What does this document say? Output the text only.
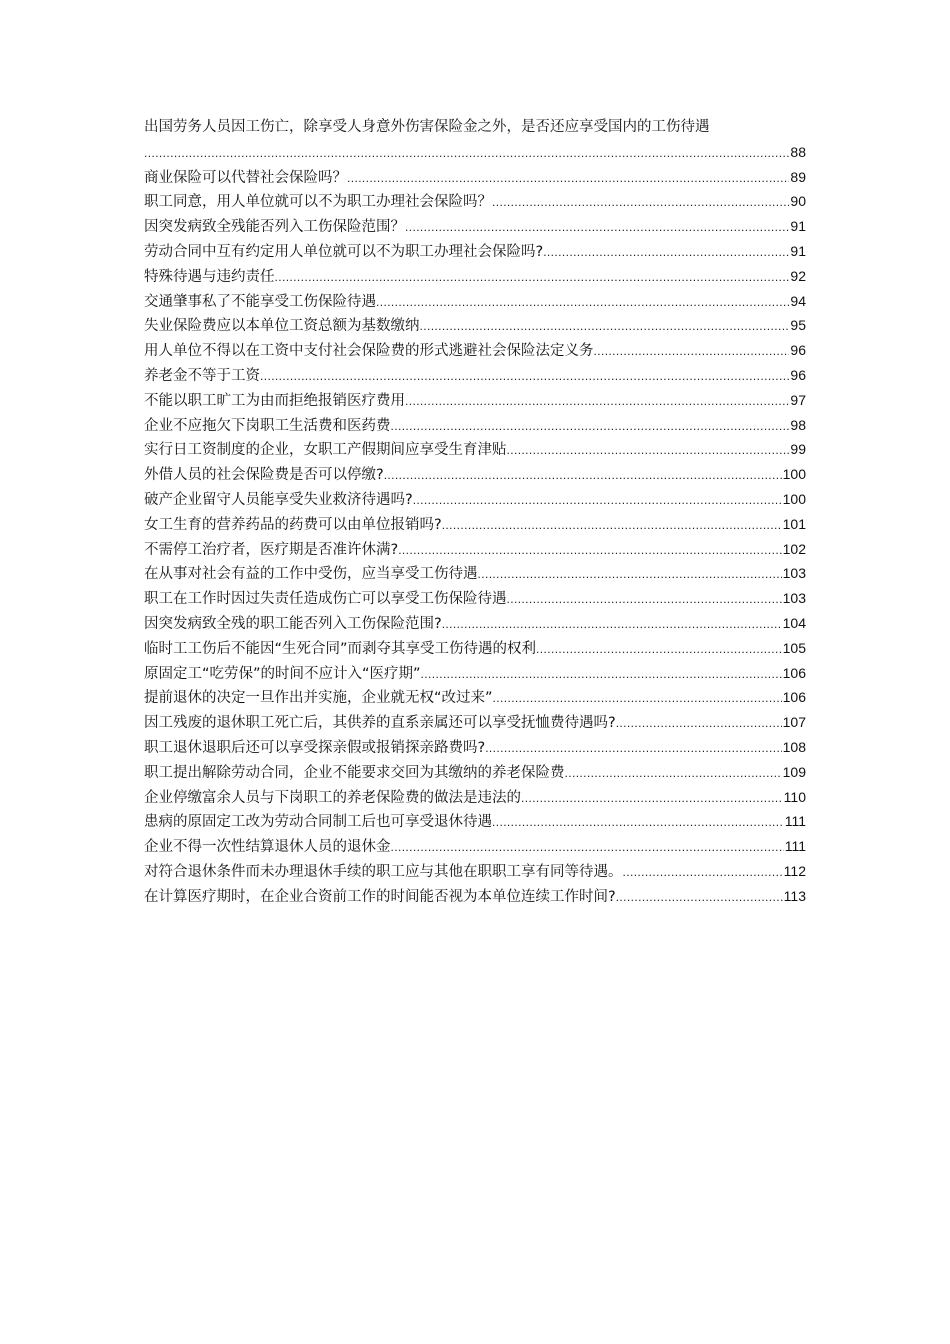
出国劳务人员因工伤亡，除享受人身意外伤害保险金之外，是否还应享受国内的工伤待遇
.....
88
商业保险可以代替社会保险吗？ .....	89
职工同意，用人单位就可以不为职工办理社会保险吗？ .....	90
因突发病致全残能否列入工伤保险范围？ .....	91
劳动合同中互有约定用人单位就可以不为职工办理社会保险吗? .....	91
特殊待遇与违约责任 .....	92
交通肇事私了不能享受工伤保险待遇 .....	94
失业保险费应以本单位工资总额为基数缴纳 .....	95
用人单位不得以在工资中支付社会保险费的形式逃避社会保险法定义务 .....	96
养老金不等于工资 .....	96
不能以职工旷工为由而拒绝报销医疗费用 .....	97
企业不应拖欠下岗职工生活费和医药费 .....	98
实行日工资制度的企业，女职工产假期间应享受生育津贴 .....	99
外借人员的社会保险费是否可以停缴? .....	100
破产企业留守人员能享受失业救济待遇吗? .....	100
女工生育的营养药品的药费可以由单位报销吗? .....	101
不需停工治疗者，医疗期是否准许休满? .....	102
在从事对社会有益的工作中受伤，应当享受工伤待遇 .....	103
职工在工作时因过失责任造成伤亡可以享受工伤保险待遇 .....	103
因突发病致全残的职工能否列入工伤保险范围? .....	104
临时工工伤后不能因“生死合同”而剥夺其享受工伤待遇的权利 .....	105
原固定工“吃劳保”的时间不应计入“医疗期” .....	106
提前退休的决定一旦作出并实施，企业就无权“改过来” .....	106
因工残废的退休职工死亡后，其供养的直系亲属还可以享受抚恤费待遇吗? .....	107
职工退休退职后还可以享受探亲假或报销探亲路费吗? .....	108
职工提出解除劳动合同，企业不能要求交回为其缴纳的养老保险费 .....	109
企业停缴富余人员与下岗职工的养老保险费的做法是违法的 .....	110
患病的原固定工改为劳动合同制工后也可享受退休待遇 .....	111
企业不得一次性结算退休人员的退休金 .....	111
对符合退休条件而未办理退休手续的职工应与其他在职职工享有同等待遇。 .....	112
在计算医疗期时，在企业合资前工作的时间能否视为本单位连续工作时间? .....	113
